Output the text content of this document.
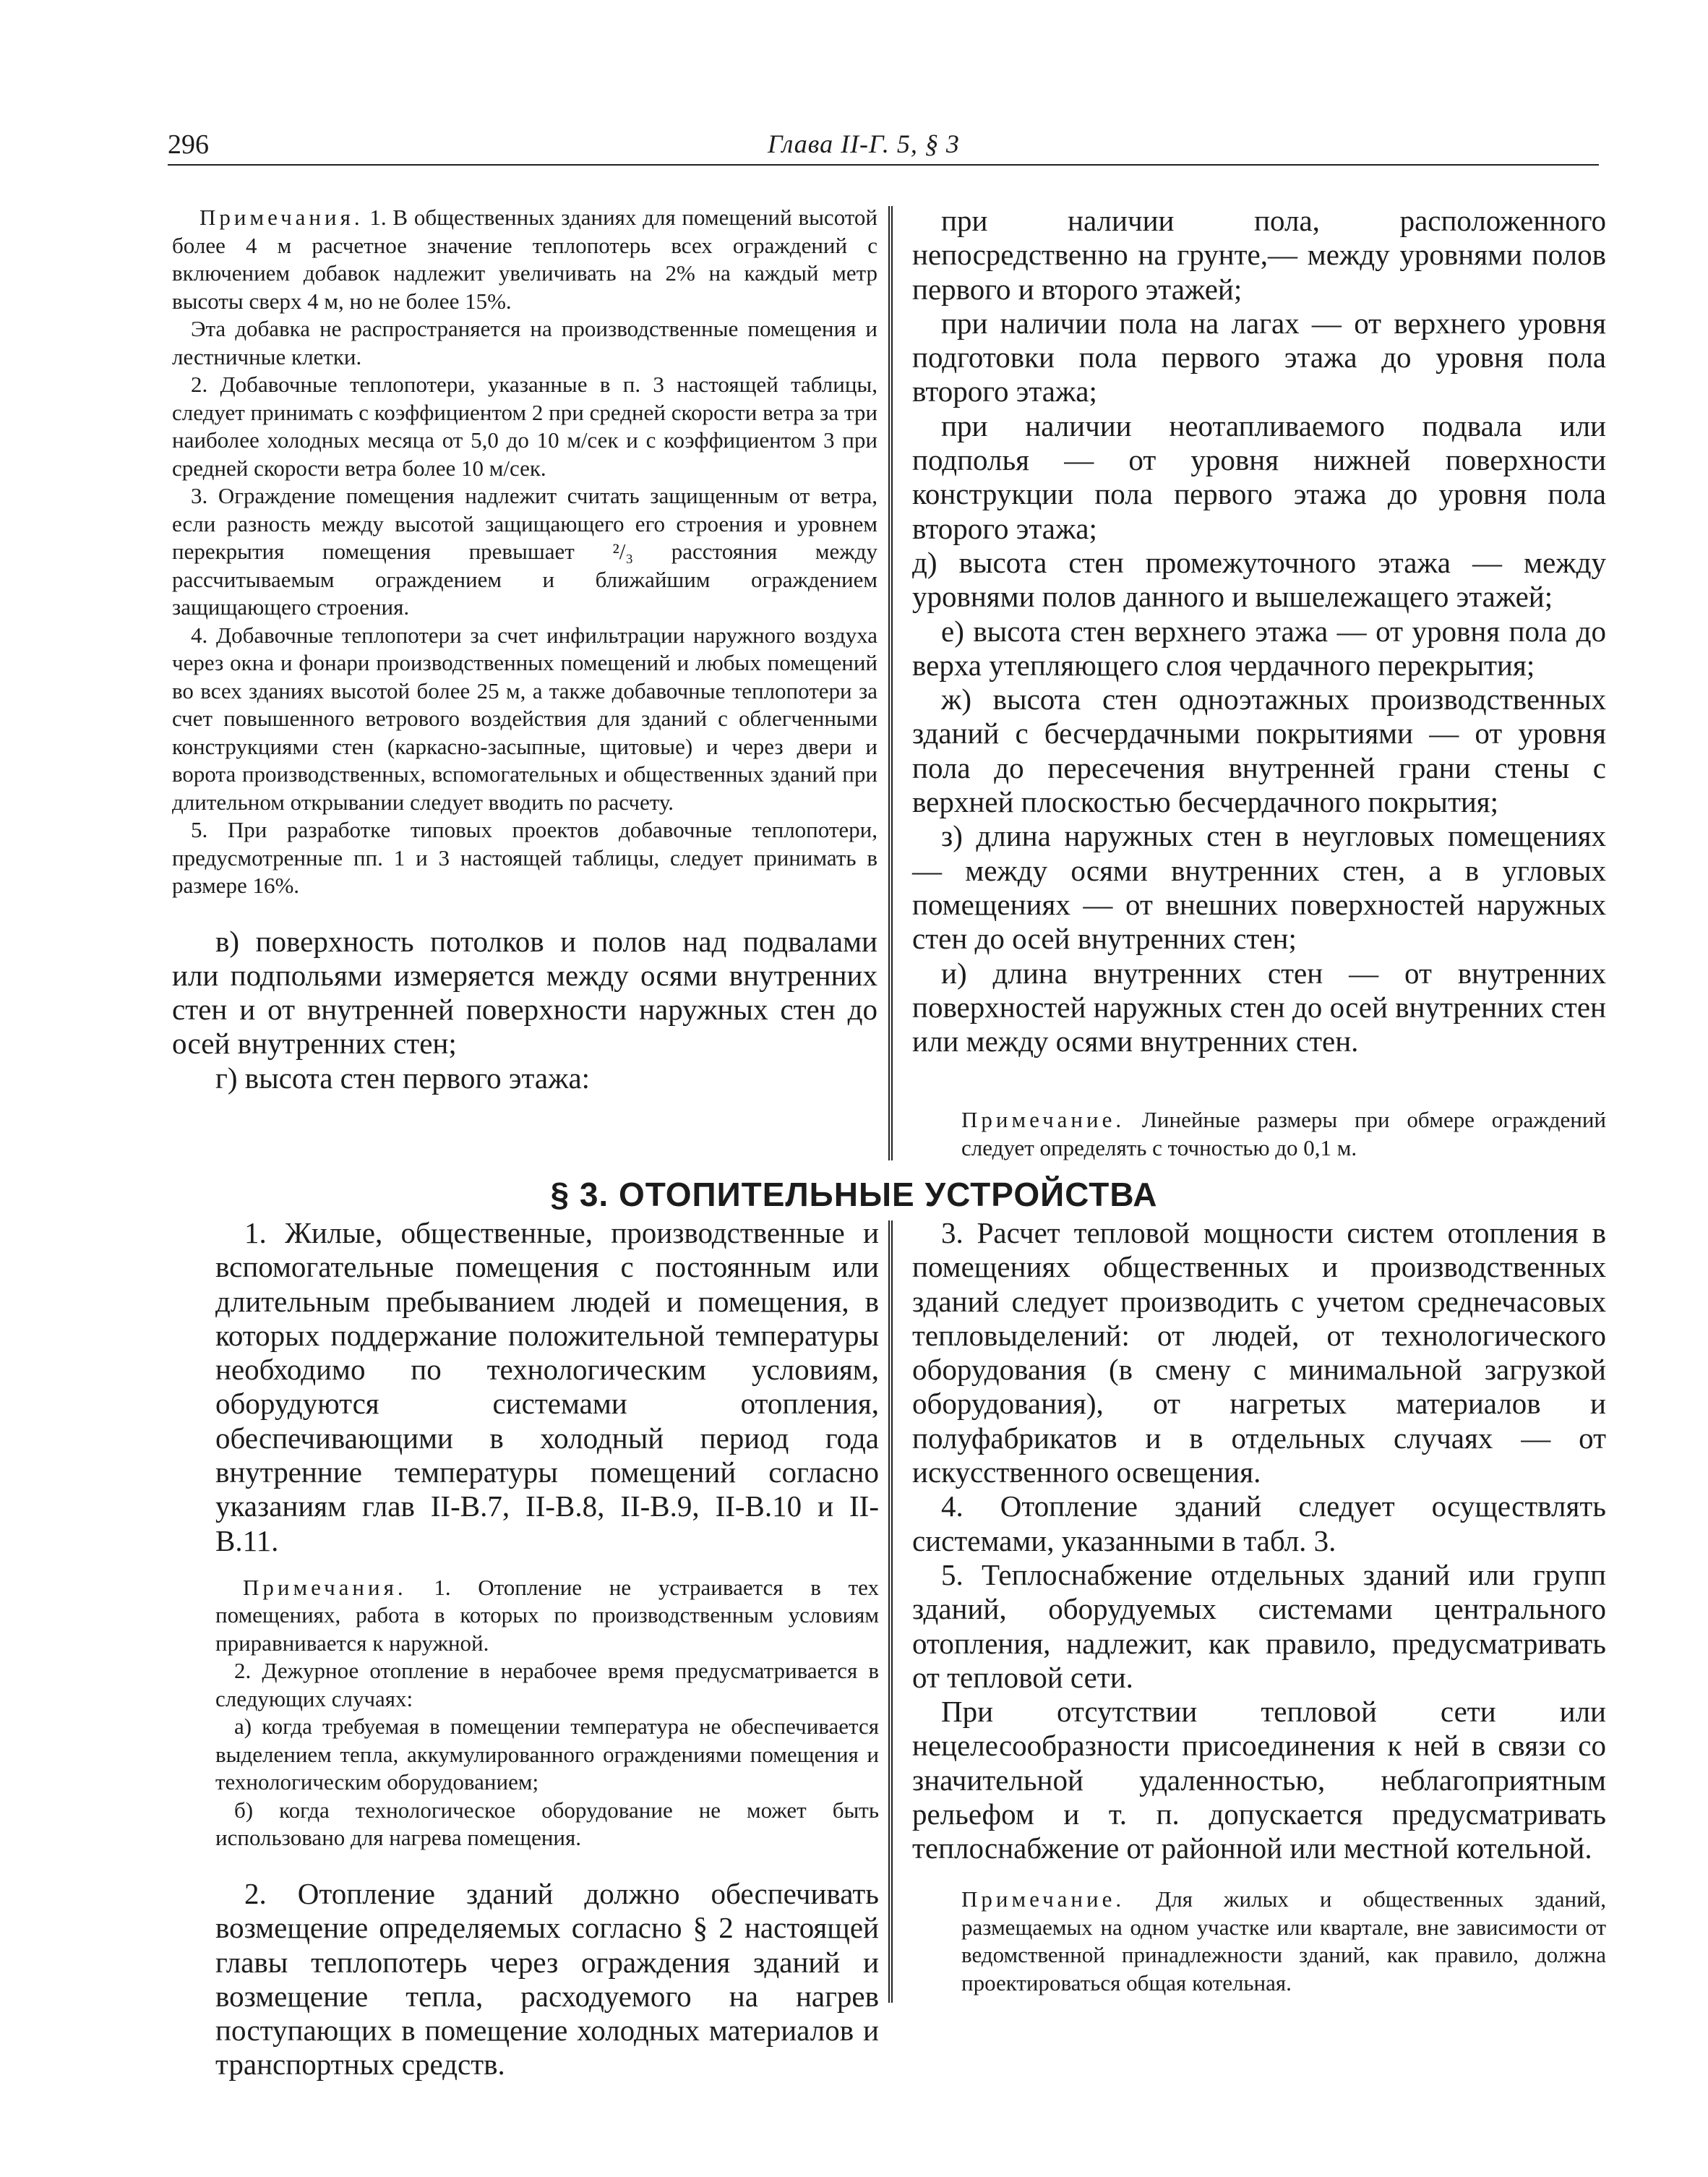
296	Глава II-Г. 5, § 3

Примечания. 1. В общественных зданиях для помещений высотой более 4 м расчетное значение теплопотерь всех ограждений с включением добавок надлежит увеличивать на 2% на каждый метр высоты сверх 4 м, но не более 15%.

Эта добавка не распространяется на производственные помещения и лестничные клетки.

2. Добавочные теплопотери, указанные в п. 3 настоящей таблицы, следует принимать с коэффициентом 2 при средней скорости ветра за три наиболее холодных месяца от 5,0 до 10 м/сек и с коэффициентом 3 при средней скорости ветра более 10 м/сек.

3. Ограждение помещения надлежит считать защищенным от ветра, если разность между высотой защищающего его строения и уровнем перекрытия помещения превышает ²/₃ расстояния между рассчитываемым ограждением и ближайшим ограждением защищающего строения.

4. Добавочные теплопотери за счет инфильтрации наружного воздуха через окна и фонари производственных помещений и любых помещений во всех зданиях высотой более 25 м, а также добавочные теплопотери за счет повышенного ветрового воздействия для зданий с облегченными конструкциями стен (каркасно-засыпные, щитовые) и через двери и ворота производственных, вспомогательных и общественных зданий при длительном открывании следует вводить по расчету.

5. При разработке типовых проектов добавочные теплопотери, предусмотренные пп. 1 и 3 настоящей таблицы, следует принимать в размере 16%.

в) поверхность потолков и полов над подвалами или подпольями измеряется между осями внутренних стен и от внутренней поверхности наружных стен до осей внутренних стен;

г) высота стен первого этажа:

при наличии пола, расположенного непосредственно на грунте,— между уровнями полов первого и второго этажей;

при наличии пола на лагах — от верхнего уровня подготовки пола первого этажа до уровня пола второго этажа;

при наличии неотапливаемого подвала или подполья — от уровня нижней поверхности конструкции пола первого этажа до уровня пола второго этажа;

д) высота стен промежуточного этажа — между уровнями полов данного и вышележащего этажей;

е) высота стен верхнего этажа — от уровня пола до верха утепляющего слоя чердачного перекрытия;

ж) высота стен одноэтажных производственных зданий с бесчердачными покрытиями — от уровня пола до пересечения внутренней грани стены с верхней плоскостью бесчердачного покрытия;

з) длина наружных стен в неугловых помещениях — между осями внутренних стен, а в угловых помещениях — от внешних поверхностей наружных стен до осей внутренних стен;

и) длина внутренних стен — от внутренних поверхностей наружных стен до осей внутренних стен или между осями внутренних стен.

Примечание. Линейные размеры при обмере ограждений следует определять с точностью до 0,1 м.

§ 3. ОТОПИТЕЛЬНЫЕ УСТРОЙСТВА

1. Жилые, общественные, производственные и вспомогательные помещения с постоянным или длительным пребыванием людей и помещения, в которых поддержание положительной температуры необходимо по технологическим условиям, оборудуются системами отопления, обеспечивающими в холодный период года внутренние температуры помещений согласно указаниям глав II-В.7, II-В.8, II-В.9, II-В.10 и II-В.11.

Примечания. 1. Отопление не устраивается в тех помещениях, работа в которых по производственным условиям приравнивается к наружной.

2. Дежурное отопление в нерабочее время предусматривается в следующих случаях:

а) когда требуемая в помещении температура не обеспечивается выделением тепла, аккумулированного ограждениями помещения и технологическим оборудованием;

б) когда технологическое оборудование не может быть использовано для нагрева помещения.

2. Отопление зданий должно обеспечивать возмещение определяемых согласно § 2 настоящей главы теплопотерь через ограждения зданий и возмещение тепла, расходуемого на нагрев поступающих в помещение холодных материалов и транспортных средств.

3. Расчет тепловой мощности систем отопления в помещениях общественных и производственных зданий следует производить с учетом среднечасовых тепловыделений: от людей, от технологического оборудования (в смену с минимальной загрузкой оборудования), от нагретых материалов и полуфабрикатов и в отдельных случаях — от искусственного освещения.

4. Отопление зданий следует осуществлять системами, указанными в табл. 3.

5. Теплоснабжение отдельных зданий или групп зданий, оборудуемых системами центрального отопления, надлежит, как правило, предусматривать от тепловой сети.

При отсутствии тепловой сети или нецелесообразности присоединения к ней в связи со значительной удаленностью, неблагоприятным рельефом и т. п. допускается предусматривать теплоснабжение от районной или местной котельной.

Примечание. Для жилых и общественных зданий, размещаемых на одном участке или квартале, вне зависимости от ведомственной принадлежности зданий, как правило, должна проектироваться общая котельная.
